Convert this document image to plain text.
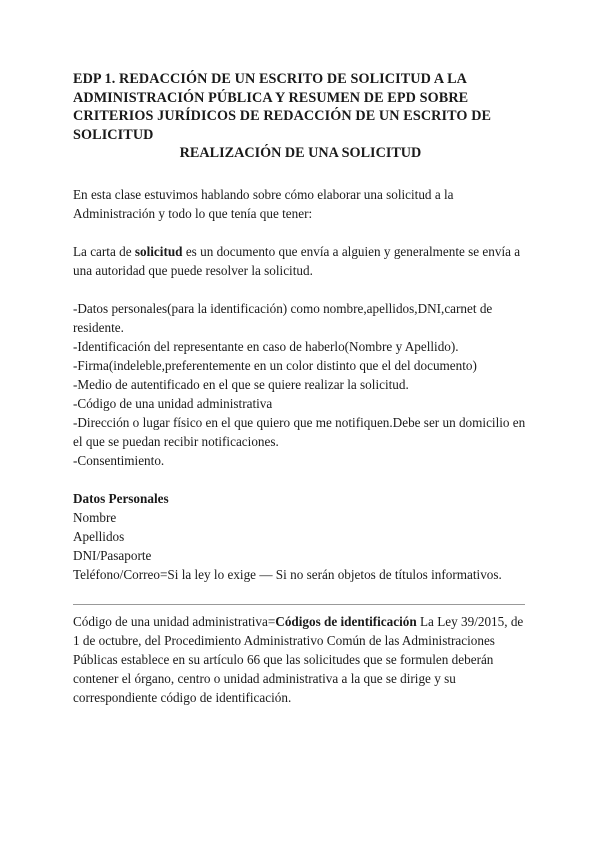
EDP 1. REDACCIÓN DE UN ESCRITO DE SOLICITUD A LA ADMINISTRACIÓN PÚBLICA Y RESUMEN DE EPD SOBRE CRITERIOS JURÍDICOS DE REDACCIÓN DE UN ESCRITO DE SOLICITUD
REALIZACIÓN DE UNA SOLICITUD

En esta clase estuvimos hablando sobre cómo elaborar una solicitud a la Administración y todo lo que tenía que tener:

La carta de solicitud es un documento que envía a alguien y generalmente se envía a una autoridad que puede resolver la solicitud.

-Datos personales(para la identificación) como nombre,apellidos,DNI,carnet de residente.

-Identificación del representante en caso de haberlo(Nombre y Apellido).

-Firma(indeleble,preferentemente en un color distinto que el del documento)

-Medio de autentificado en el que se quiere realizar la solicitud.

-Código de una unidad administrativa

-Dirección o lugar físico en el que quiero que me notifiquen.Debe ser un domicilio en el que se puedan recibir notificaciones.

-Consentimiento.

Datos Personales

Nombre

Apellidos

DNI/Pasaporte

Teléfono/Correo=Si la ley lo exige — Si no serán objetos de títulos informativos.

Código de una unidad administrativa=Códigos de identificación La Ley 39/2015, de 1 de octubre, del Procedimiento Administrativo Común de las Administraciones Públicas establece en su artículo 66 que las solicitudes que se formulen deberán contener el órgano, centro o unidad administrativa a la que se dirige y su correspondiente código de identificación.
